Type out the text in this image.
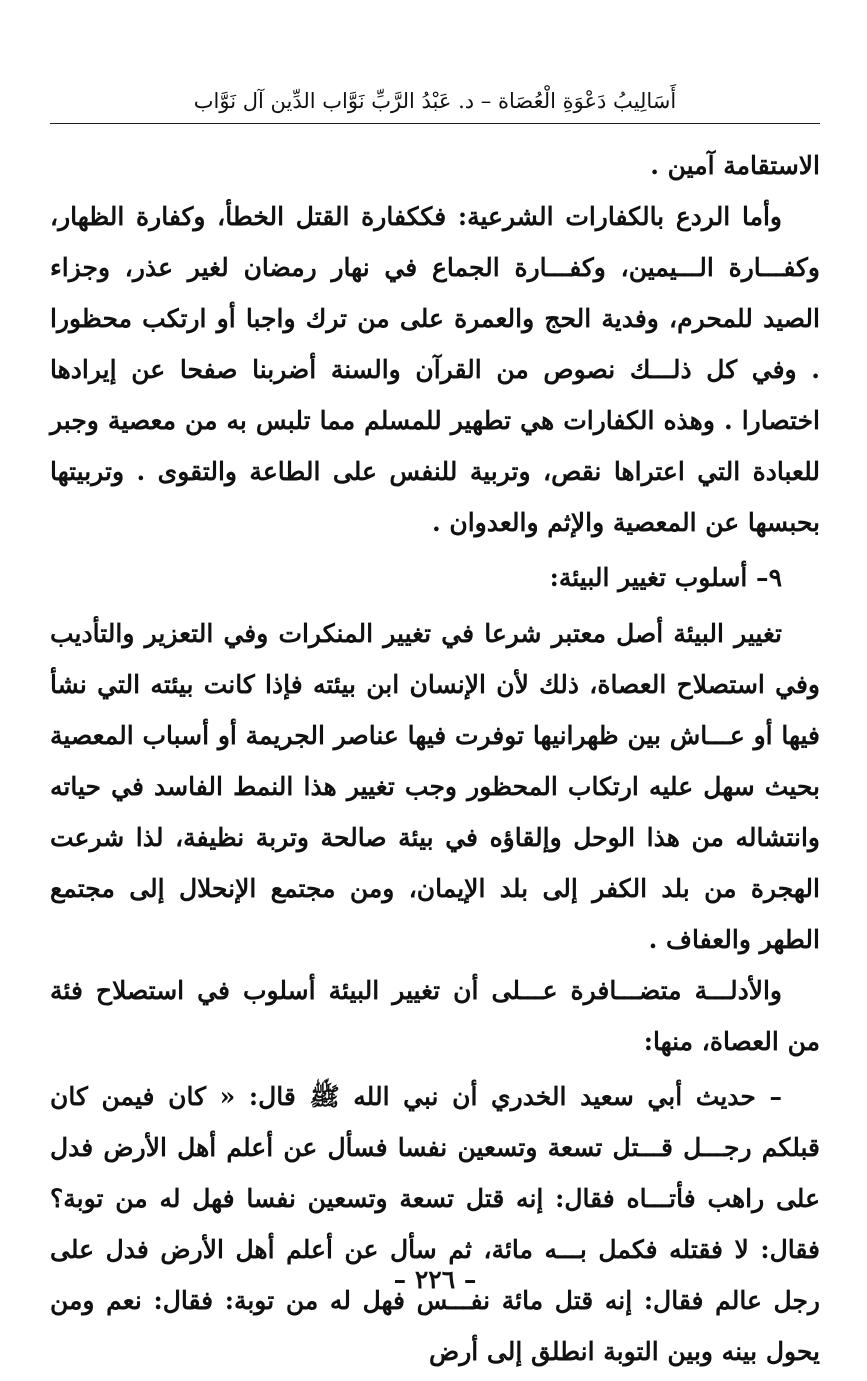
أَسَالِيبُ دَعْوَةِ الْعُصَاة – د. عَبْدُ الرَّبِّ نَوَّاب الدِّين آل نَوَّاب

الاستقامة آمين .

وأما الردع بالكفارات الشرعية: فككفارة القتل الخطأ، وكفارة الظهار، وكفـــارة الـــيمين، وكفـــارة الجماع في نهار رمضان لغير عذر، وجزاء الصيد للمحرم، وفدية الحج والعمرة على من ترك واجبا أو ارتكب محظورا . وفي كل ذلـــك نصوص من القرآن والسنة أضربنا صفحا عن إيرادها اختصارا . وهذه الكفارات هي تطهير للمسلم مما تلبس به من معصية وجبر للعبادة التي اعتراها نقص، وتربية للنفس على الطاعة والتقوى . وتربيتها بحبسها عن المعصية والإثم والعدوان .

٩– أسلوب تغيير البيئة:

تغيير البيئة أصل معتبر شرعا في تغيير المنكرات وفي التعزير والتأديب وفي استصلاح العصاة، ذلك لأن الإنسان ابن بيئته فإذا كانت بيئته التي نشأ فيها أو عـــاش بين ظهرانيها توفرت فيها عناصر الجريمة أو أسباب المعصية بحيث سهل عليه ارتكاب المحظور وجب تغيير هذا النمط الفاسد في حياته وانتشاله من هذا الوحل وإلقاؤه في بيئة صالحة وتربة نظيفة، لذا شرعت الهجرة من بلد الكفر إلى بلد الإيمان، ومن مجتمع الإنحلال إلى مجتمع الطهر والعفاف .

والأدلـــة متضـــافرة عـــلى أن تغيير البيئة أسلوب في استصلاح فئة من العصاة، منها:

– حديث أبي سعيد الخدري أن نبي الله ﷺ قال: « كان فيمن كان قبلكم رجـــل قـــتل تسعة وتسعين نفسا فسأل عن أعلم أهل الأرض فدل على راهب فأتـــاه فقال: إنه قتل تسعة وتسعين نفسا فهل له من توبة؟ فقال: لا فقتله فكمل بـــه مائة، ثم سأل عن أعلم أهل الأرض فدل على رجل عالم فقال: إنه قتل مائة نفـــس فهل له من توبة: فقال: نعم ومن يحول بينه وبين التوبة انطلق إلى أرض

– ٢٢٦ –
